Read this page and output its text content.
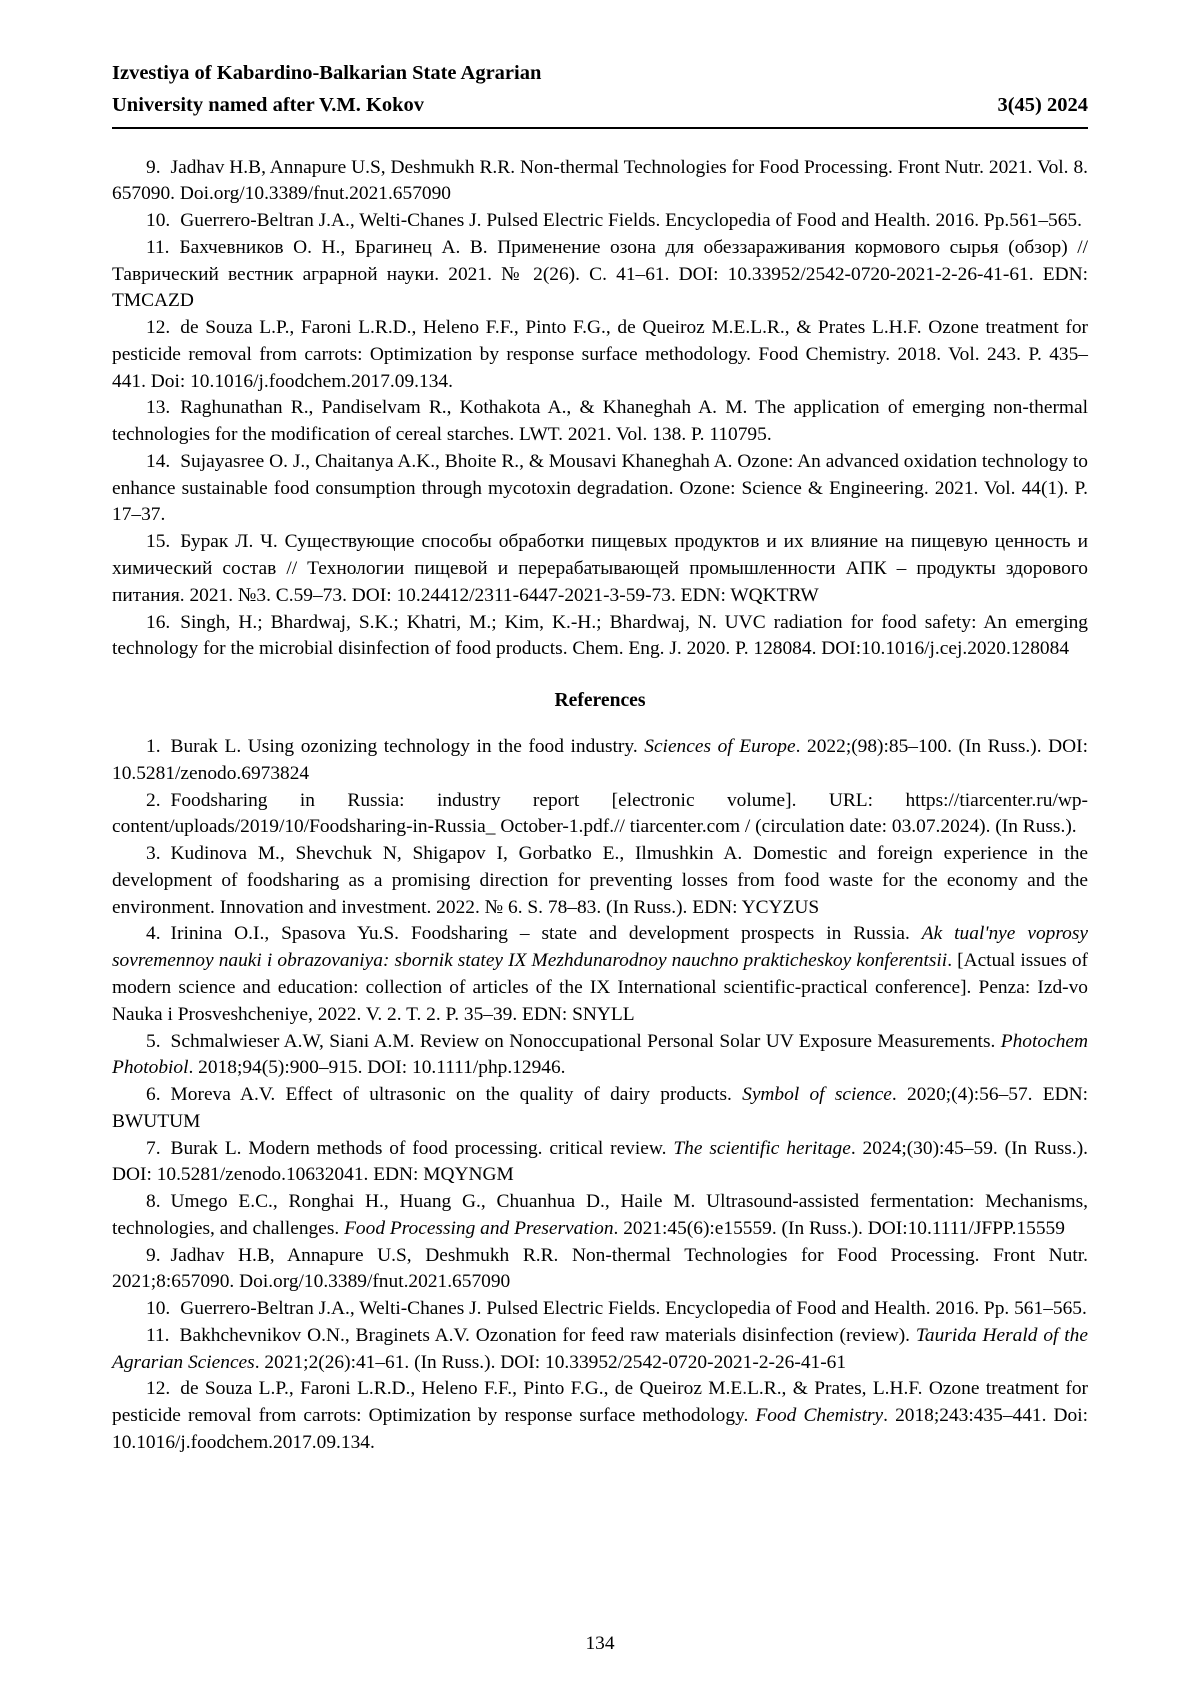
Izvestiya of Kabardino-Balkarian State Agrarian
University named after V.M. Kokov	3(45) 2024

9. Jadhav H.B, Annapure U.S, Deshmukh R.R. Non-thermal Technologies for Food Processing. Front Nutr. 2021. Vol. 8. 657090. Doi.org/10.3389/fnut.2021.657090

10. Guerrero-Beltran J.A., Welti-Chanes J. Pulsed Electric Fields. Encyclopedia of Food and Health. 2016. Pp.561–565.

11. Бахчевников О. Н., Брагинец А. В. Применение озона для обеззараживания кормового сырья (обзор) // Таврический вестник аграрной науки. 2021. № 2(26). С. 41–61. DOI: 10.33952/2542-0720-2021-2-26-41-61. EDN: TMCAZD

12. de Souza L.P., Faroni L.R.D., Heleno F.F., Pinto F.G., de Queiroz M.E.L.R., & Prates L.H.F. Ozone treatment for pesticide removal from carrots: Optimization by response surface methodology. Food Chemistry. 2018. Vol. 243. P. 435– 441. Doi: 10.1016/j.foodchem.2017.09.134.

13. Raghunathan R., Pandiselvam R., Kothakota A., & Khaneghah A. M. The application of emerging non-thermal technologies for the modification of cereal starches. LWT. 2021. Vol. 138. P. 110795.

14. Sujayasree O. J., Chaitanya A.K., Bhoite R., & Mousavi Khaneghah A. Ozone: An advanced oxidation technology to enhance sustainable food consumption through mycotoxin degradation. Ozone: Science & Engineering. 2021. Vol. 44(1). P. 17–37.

15. Бурак Л. Ч. Существующие способы обработки пищевых продуктов и их влияние на пищевую ценность и химический состав // Технологии пищевой и перерабатывающей промышленности АПК – продукты здорового питания. 2021. №3. С.59–73. DOI: 10.24412/2311-6447-2021-3-59-73. EDN: WQKTRW

16. Singh, H.; Bhardwaj, S.K.; Khatri, M.; Kim, K.-H.; Bhardwaj, N. UVC radiation for food safety: An emerging technology for the microbial disinfection of food products. Chem. Eng. J. 2020. P. 128084. DOI:10.1016/j.cej.2020.128084

References

1. Burak L. Using ozonizing technology in the food industry. Sciences of Europe. 2022;(98):85–100. (In Russ.). DOI: 10.5281/zenodo.6973824

2. Foodsharing in Russia: industry report [electronic volume]. URL: https://tiarcenter.ru/wp-content/uploads/2019/10/Foodsharing-in-Russia_ October-1.pdf.// tiarcenter.com / (circulation date: 03.07.2024). (In Russ.).

3. Kudinova M., Shevchuk N, Shigapov I, Gorbatko E., Ilmushkin A. Domestic and foreign experience in the development of foodsharing as a promising direction for preventing losses from food waste for the economy and the environment. Innovation and investment. 2022. № 6. S. 78–83. (In Russ.). EDN: YCYZUS

4. Irinina O.I., Spasova Yu.S. Foodsharing – state and development prospects in Russia. Ak tual'nye voprosy sovremennoy nauki i obrazovaniya: sbornik statey IX Mezhdunarodnoy nauchno prakticheskoy konferentsii. [Actual issues of modern science and education: collection of articles of the IX International scientific-practical conference]. Penza: Izd-vo Nauka i Prosveshcheniye, 2022. V. 2. T. 2. P. 35–39. EDN: SNYLL

5. Schmalwieser A.W, Siani A.M. Review on Nonoccupational Personal Solar UV Exposure Measurements. Photochem Photobiol. 2018;94(5):900–915. DOI: 10.1111/php.12946.

6. Moreva A.V. Effect of ultrasonic on the quality of dairy products. Symbol of science. 2020;(4):56–57. EDN: BWUTUM

7. Burak L. Modern methods of food processing. critical review. The scientific heritage. 2024;(30):45–59. (In Russ.). DOI: 10.5281/zenodo.10632041. EDN: MQYNGM

8. Umego E.C., Ronghai H., Huang G., Chuanhua D., Haile M. Ultrasound-assisted fermentation: Mechanisms, technologies, and challenges. Food Processing and Preservation. 2021:45(6):e15559. (In Russ.). DOI:10.1111/JFPP.15559

9. Jadhav H.B, Annapure U.S, Deshmukh R.R. Non-thermal Technologies for Food Processing. Front Nutr. 2021;8:657090. Doi.org/10.3389/fnut.2021.657090

10. Guerrero-Beltran J.A., Welti-Chanes J. Pulsed Electric Fields. Encyclopedia of Food and Health. 2016. Pp. 561–565.

11. Bakhchevnikov O.N., Braginets A.V. Ozonation for feed raw materials disinfection (review). Taurida Herald of the Agrarian Sciences. 2021;2(26):41–61. (In Russ.). DOI: 10.33952/2542-0720-2021-2-26-41-61

12. de Souza L.P., Faroni L.R.D., Heleno F.F., Pinto F.G., de Queiroz M.E.L.R., & Prates, L.H.F. Ozone treatment for pesticide removal from carrots: Optimization by response surface methodology. Food Chemistry. 2018;243:435–441. Doi: 10.1016/j.foodchem.2017.09.134.

134
